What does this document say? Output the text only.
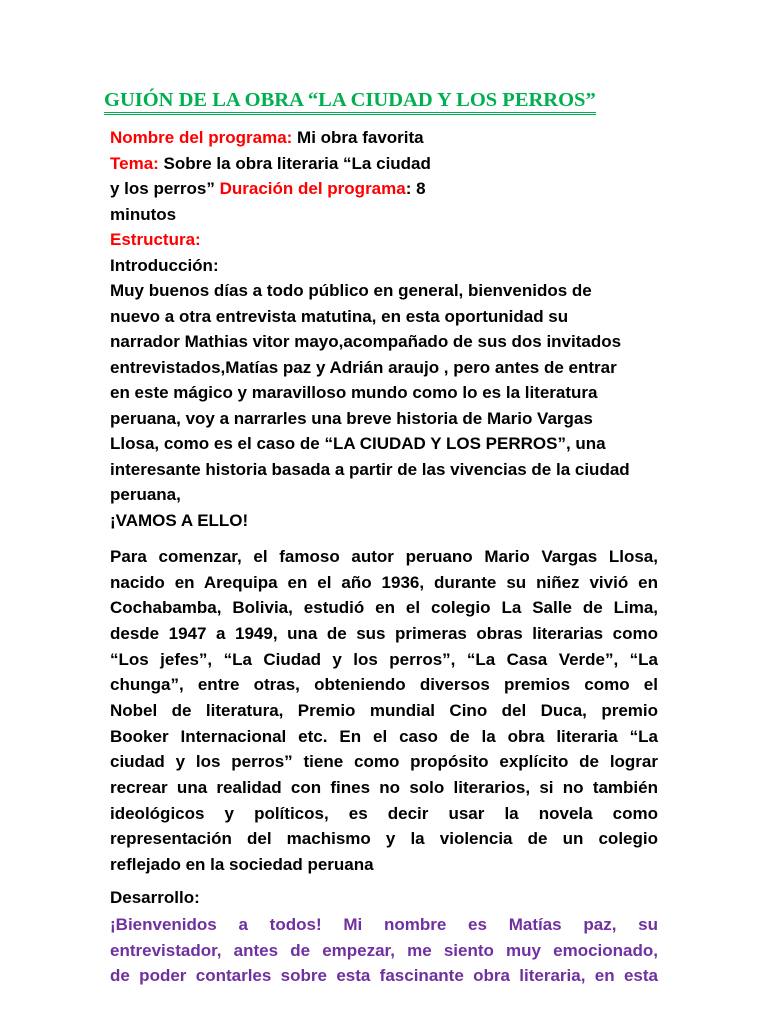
GUIÓN DE LA OBRA “LA CIUDAD Y LOS PERROS”
Nombre del programa: Mi obra favorita
Tema: Sobre la obra literaria “La ciudad
y los perros” Duración del programa: 8
minutos
Estructura:
Introducción:
Muy buenos días a todo público en general, bienvenidos de
nuevo a otra entrevista matutina, en esta oportunidad su
narrador Mathias vitor mayo,acompañado de sus dos invitados
entrevistados,Matías paz y Adrián araujo , pero antes de entrar
en este mágico y maravilloso mundo como lo es la literatura
peruana, voy a narrarles una breve historia de Mario Vargas
Llosa, como es el caso de “LA CIUDAD Y LOS PERROS”, una
interesante historia basada a partir de las vivencias de la ciudad
peruana,
¡VAMOS A ELLO!
Para comenzar, el famoso autor peruano Mario Vargas Llosa,
nacido en Arequipa en el año 1936, durante su niñez vivió en
Cochabamba, Bolivia, estudió en el colegio La Salle de Lima,
desde 1947 a 1949, una de sus primeras obras literarias como
“Los jefes”, “La Ciudad y los perros”, “La Casa Verde”, “La
chunga”, entre otras, obteniendo diversos premios como el
Nobel de literatura, Premio mundial Cino del Duca, premio
Booker Internacional etc. En el caso de la obra literaria “La
ciudad y los perros” tiene como propósito explícito de lograr
recrear una realidad con fines no solo literarios, si no también
ideológicos y políticos, es decir usar la novela como
representación del machismo y la violencia de un colegio
reflejado en la sociedad peruana
Desarrollo:
¡Bienvenidos a todos! Mi nombre es Matías paz, su
entrevistador, antes de empezar, me siento muy emocionado,
de poder contarles sobre esta fascinante obra literaria, en esta
